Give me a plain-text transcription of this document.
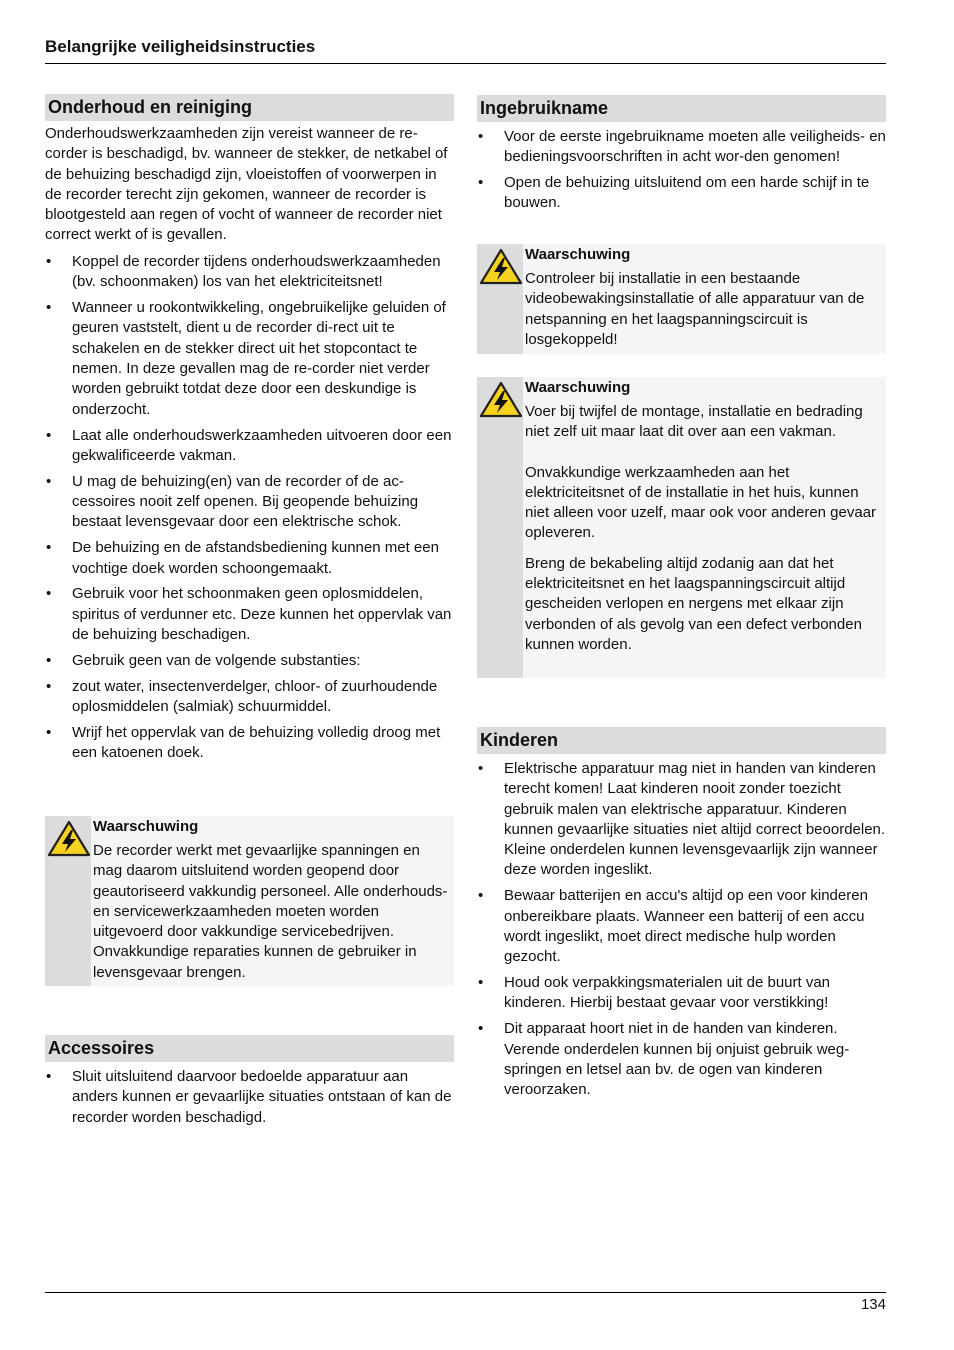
Belangrijke veiligheidsinstructies
Onderhoud en reiniging
Onderhoudswerkzaamheden zijn vereist wanneer de re-corder is beschadigd, bv. wanneer de stekker, de netkabel of de behuizing beschadigd zijn, vloeistoffen of voorwerpen in de recorder terecht zijn gekomen, wanneer de recorder is blootgesteld aan regen of vocht of wanneer de recorder niet correct werkt of is gevallen.
• Koppel de recorder tijdens onderhoudswerkzaamheden (bv. schoonmaken) los van het elektriciteitsnet!
• Wanneer u rookontwikkeling, ongebruikelijke geluiden of geuren vaststelt, dient u de recorder di-rect uit te schakelen en de stekker direct uit het stopcontact te nemen. In deze gevallen mag de re-corder niet verder worden gebruikt totdat deze door een deskundige is onderzocht.
• Laat alle onderhoudswerkzaamheden uitvoeren door een gekwalificeerde vakman.
• U mag de behuizing(en) van de recorder of de ac-cessoires nooit zelf openen. Bij geopende behuizing bestaat levensgevaar door een elektrische schok.
• De behuizing en de afstandsbediening kunnen met een vochtige doek worden schoongemaakt.
• Gebruik voor het schoonmaken geen oplosmiddelen, spiritus of verdunner etc. Deze kunnen het oppervlak van de behuizing beschadigen.
• Gebruik geen van de volgende substanties:
• zout water, insectenverdelger, chloor- of zuurhoudende oplosmiddelen (salmiak) schuurmiddel.
• Wrijf het oppervlak van de behuizing volledig droog met een katoenen doek.
Waarschuwing

De recorder werkt met gevaarlijke spanningen en mag daarom uitsluitend worden geopend door geautoriseerd vakkundig personeel. Alle onderhouds- en servicewerkzaamheden moeten worden uitgevoerd door vakkundige servicebedrijven. Onvakkundige reparaties kunnen de gebruiker in levensgevaar brengen.

Accessoires
• Sluit uitsluitend daarvoor bedoelde apparatuur aan anders kunnen er gevaarlijke situaties ontstaan of kan de recorder worden beschadigd.
Ingebruikname
• Voor de eerste ingebruikname moeten alle veiligheids- en bedieningsvoorschriften in acht wor-den genomen!
• Open de behuizing uitsluitend om een harde schijf in te bouwen.
Waarschuwing

Controleer bij installatie in een bestaande videobewakingsinstallatie of alle apparatuur van de netspanning en het laagspanningscircuit is losgekoppeld!

Waarschuwing

Voer bij twijfel de montage, installatie en bedrading niet zelf uit maar laat dit over aan een vakman.

Onvakkundige werkzaamheden aan het elektriciteitsnet of de installatie in het huis, kunnen niet alleen voor uzelf, maar ook voor anderen gevaar opleveren.

Breng de bekabeling altijd zodanig aan dat het elektriciteitsnet en het laagspanningscircuit altijd gescheiden verlopen en nergens met elkaar zijn verbonden of als gevolg van een defect verbonden kunnen worden.

Kinderen
• Elektrische apparatuur mag niet in handen van kinderen terecht komen! Laat kinderen nooit zonder toezicht gebruik malen van elektrische apparatuur. Kinderen kunnen gevaarlijke situaties niet altijd correct beoordelen. Kleine onderdelen kunnen levensgevaarlijk zijn wanneer deze worden ingeslikt.
• Bewaar batterijen en accu's altijd op een voor kinderen onbereikbare plaats. Wanneer een batterij of een accu wordt ingeslikt, moet direct medische hulp worden gezocht.
• Houd ook verpakkingsmaterialen uit de buurt van kinderen. Hierbij bestaat gevaar voor verstikking!
• Dit apparaat hoort niet in de handen van kinderen. Verende onderdelen kunnen bij onjuist gebruik weg-springen en letsel aan bv. de ogen van kinderen veroorzaken.
134
